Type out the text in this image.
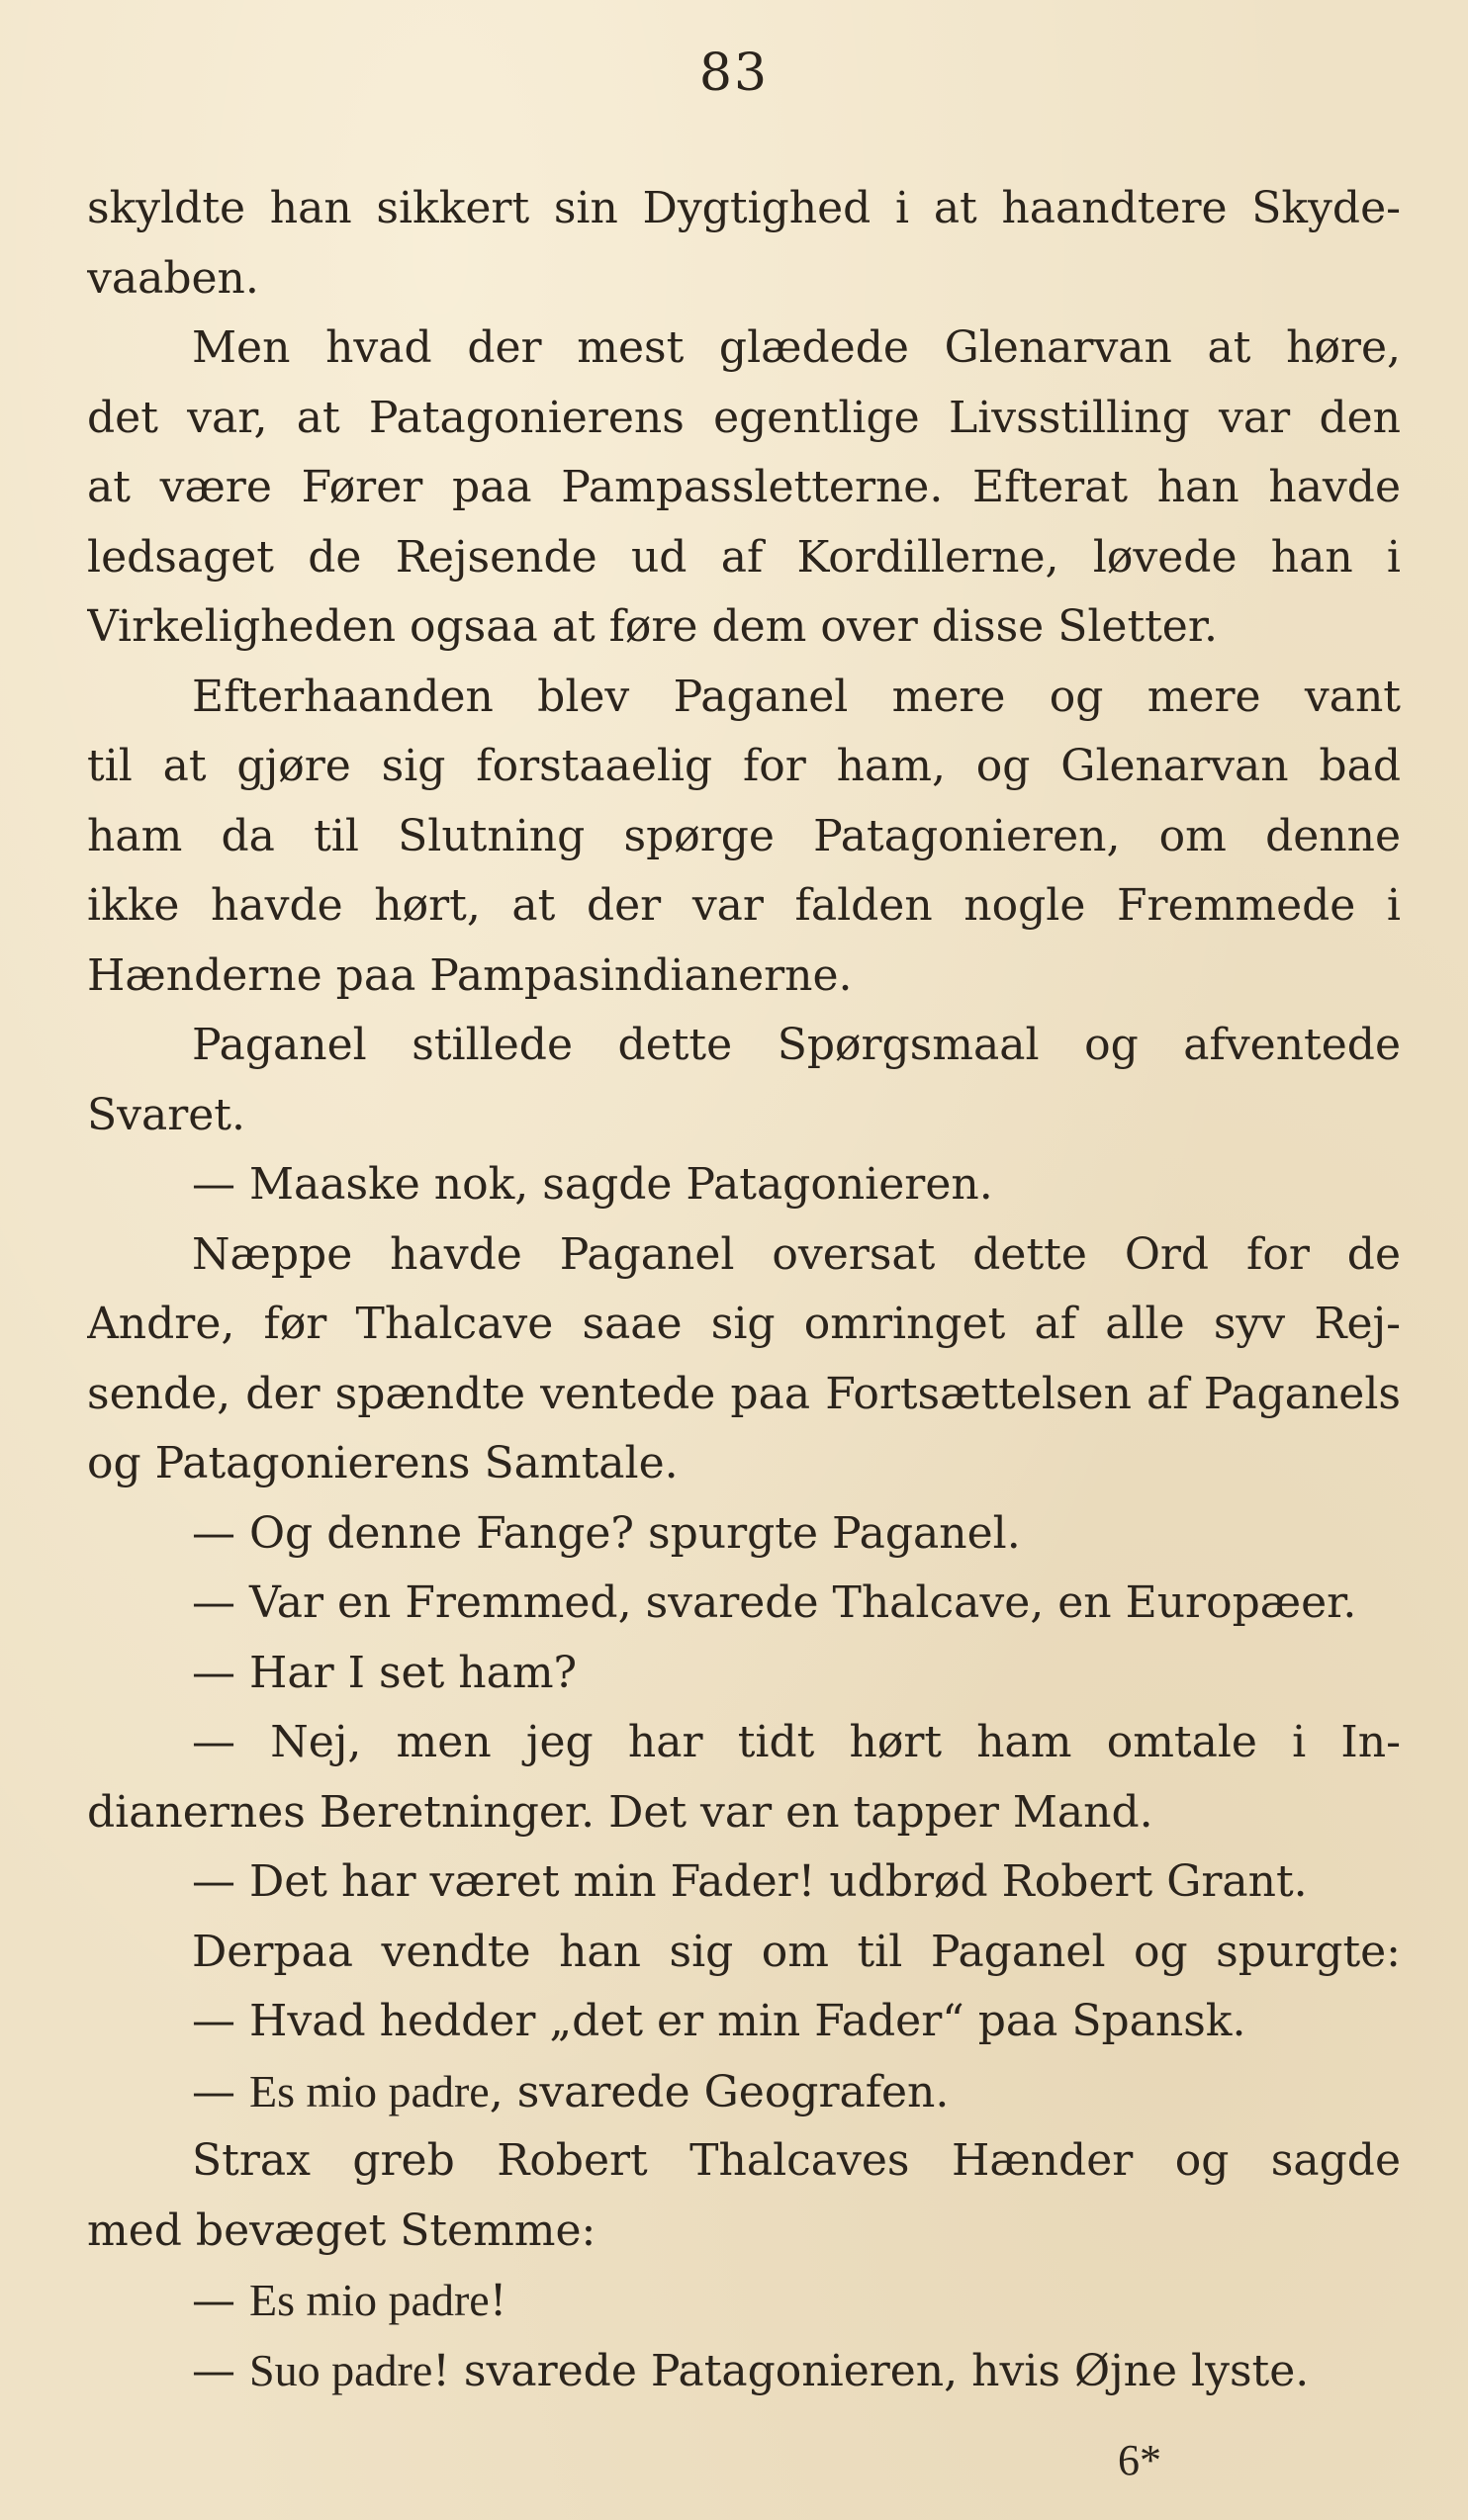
83
skyldte han sikkert sin Dygtighed i at haandtere Skyde-
vaaben.
Men hvad der mest glædede Glenarvan at høre,
det var, at Patagonierens egentlige Livsstilling var den
at være Fører paa Pampassletterne. Efterat han havde
ledsaget de Rejsende ud af Kordillerne, løvede han i
Virkeligheden ogsaa at føre dem over disse Sletter.
Efterhaanden blev Paganel mere og mere vant
til at gjøre sig forstaaelig for ham, og Glenarvan bad
ham da til Slutning spørge Patagonieren, om denne
ikke havde hørt, at der var falden nogle Fremmede i
Hænderne paa Pampasindianerne.
Paganel stillede dette Spørgsmaal og afventede
Svaret.
— Maaske nok, sagde Patagonieren.
Næppe havde Paganel oversat dette Ord for de
Andre, før Thalcave saae sig omringet af alle syv Rej-
sende, der spændte ventede paa Fortsættelsen af Paganels
og Patagonierens Samtale.
— Og denne Fange? spurgte Paganel.
— Var en Fremmed, svarede Thalcave, en Europæer.
— Har I set ham?
— Nej, men jeg har tidt hørt ham omtale i In-
dianernes Beretninger. Det var en tapper Mand.
— Det har været min Fader! udbrød Robert Grant.
Derpaa vendte han sig om til Paganel og spurgte:
— Hvad hedder „det er min Fader“ paa Spansk.
— Es mio padre, svarede Geografen.
Strax greb Robert Thalcaves Hænder og sagde
med bevæget Stemme:
— Es mio padre!
— Suo padre! svarede Patagonieren, hvis Øjne lyste.
6*
